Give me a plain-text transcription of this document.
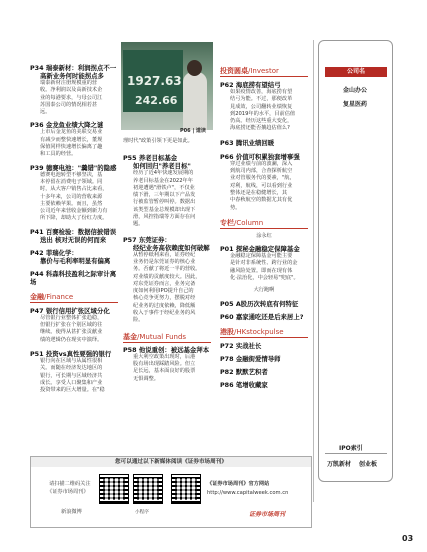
P34 瑞泰新材：利润拐点不一
高新业务何时能拐点多
瑞泰新材注册规模重的营
收。净利润以及高新技术企
业的每港要求，与母公司江
苏国泰公司的情况相若甚
远。
P36 金龙鱼业绩大降之谜
上市后金龙鱼的美联交易业
有减少而整快速增长，董规
保值同样快速增长偏离了趣
和工具的经营。
P39 德赛电池："羹错"的隐感
德赛电池转型不够坚决，基
本停留在消费电子领域。同
时，从大客户销售占比来看，
十多年来，公司的营收来源
主要依赖苹果。而且，虽然
公司近年来营收金额到新力有
所下降，却助大了份红力度。
P41 百赛检验：数据信披错误
迭出 核对无误的何而来
P42 菲瑞化学：
靠价与毛利率明显有偏离
P44 科森科技盈利之际审计离场
金融/Finance
P47 银行信用扩张区域分化
尽管银行业整体扩张趋稳，
但银行扩张在个别区域的往
继续。使得从甚扩张贡献业
绩的逻辑仍在现实中演绎。
P51 投资vs真性要强的银行
银行向在区域与从属性很相
关。而随在经济发达地区的
银行，可长期与区域经济共
成长。享受人口聚集和产业
投资带来的巨大增量。在"稳
1927.63
242.66
P06 | 道读
理时代"政策引领下更是如此。
P55 养老目标基金
如何回归"养老目标"
经历了近4年快速发展期的
养老目标基金在2022年年
初迎遭遇"滑铁卢"，不仅业
绩下滑，三年期以下产品发
行被监管暂停叫停。数据出
该类型基金总规模却出现下
滑，风控指瑞等方面存在问
题。
P57 东莞证券：
经纪业务高依赖度如何破解
从暂停纸利来看，证券经纪
业务仍是东莞证券的核心业
务。否献了将近一半的营收。
对业绩的贡献度较大。因此，
对东莞证券而言，业务完备
度如何利用IPO提升自己的
核心竞争更努力，摆脱对经
纪业务的过度依赖，降低额
收入于事件于经纪业务的风
险。
基金/Mutual Funds
P58 他说重创：被远基金拜本
重大利空政策出现时，后港
股有场出现踩踏风险。但立
足长远，基本面良好的股票
无惧调整。
投资圆桌/Investor
P62 海底捞有望结弓
如果疫情改善，海底捞有望
结弓为能。不过，那便改革
見成效，公司翻转业绩恢复
到2019年的水平，目前估值
仍高。经历这些重大变化，
海底捞还能否攘趋估值么?
P63 腾讯业绩回暖
P66 价值可积累独套增事强
穿过业绩与前的波澜，深入
到航司内部，合查探析航空
业对管服务代的要素，"航，
对利，航线，可以看到行业
整体还是在稳健增长，其
中春秋航空的数据尤其有优
势。
专栏/Column
涂永红
P01 探秘金融稳定保障基金
金融稳定保障基金可能主要
是针对非系统性、跨行业的金
融风险处置。即而在现有体
化·法治化，中会轻易"兜底"。
大行跑啊
P05 A股历次转底有何特征
P60 嘉家通吃还是后来居上?
港股/HKstockpulse
P72 实战社长
P78 金融街爱情导师
P82 默默艺积者
P86 笔增收藏家
公司名
金山办公
复星医药
IPO索引
万凯新材 创业板
您可以通过以下新媒体阅读《证券市场周刊》
请扫描二维码关注
《证券市场周刊》
新浪微博	小程序
《证券市场周刊》官方网站
http://www.capitalweek.com.cn
证券市场周刊
03
